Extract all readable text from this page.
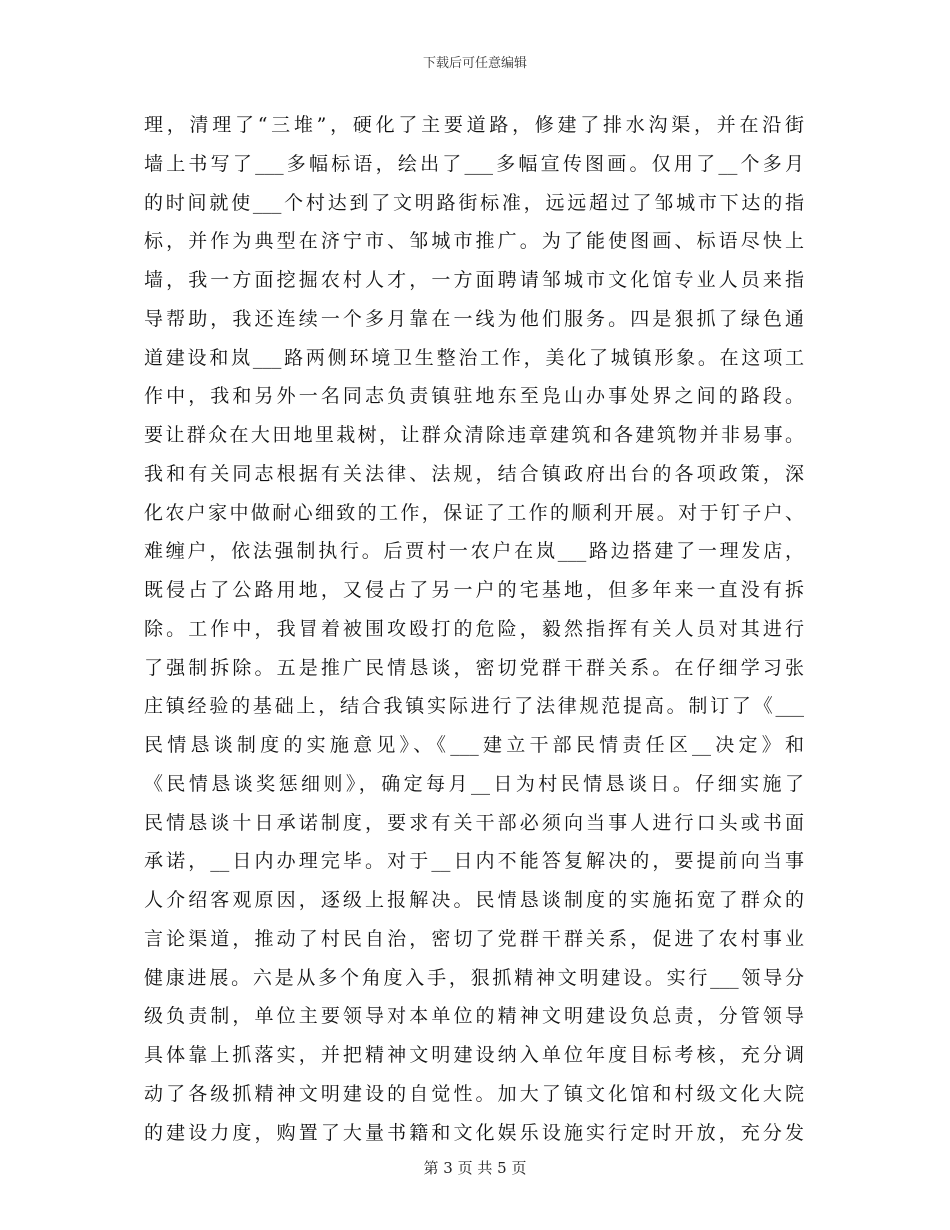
下载后可任意编辑
理，清理了“三堆”，硬化了主要道路，修建了排水沟渠，并在沿街
墙上书写了___多幅标语，绘出了___多幅宣传图画。仅用了__个多月
的时间就使___个村达到了文明路街标准，远远超过了邹城市下达的指
标，并作为典型在济宁市、邹城市推广。为了能使图画、标语尽快上
墙，我一方面挖掘农村人才，一方面聘请邹城市文化馆专业人员来指
导帮助，我还连续一个多月靠在一线为他们服务。四是狠抓了绿色通
道建设和岚___路两侧环境卫生整治工作，美化了城镇形象。在这项工
作中，我和另外一名同志负责镇驻地东至凫山办事处界之间的路段。
要让群众在大田地里栽树，让群众清除违章建筑和各建筑物并非易事。
我和有关同志根据有关法律、法规，结合镇政府出台的各项政策，深
化农户家中做耐心细致的工作，保证了工作的顺利开展。对于钉子户、
难缠户，依法强制执行。后贾村一农户在岚___路边搭建了一理发店，
既侵占了公路用地，又侵占了另一户的宅基地，但多年来一直没有拆
除。工作中，我冒着被围攻殴打的危险，毅然指挥有关人员对其进行
了强制拆除。五是推广民情恳谈，密切党群干群关系。在仔细学习张
庄镇经验的基础上，结合我镇实际进行了法律规范提高。制订了《___
民情恳谈制度的实施意见》、《___建立干部民情责任区__决定》和
《民情恳谈奖惩细则》，确定每月__日为村民情恳谈日。仔细实施了
民情恳谈十日承诺制度，要求有关干部必须向当事人进行口头或书面
承诺，__日内办理完毕。对于__日内不能答复解决的，要提前向当事
人介绍客观原因，逐级上报解决。民情恳谈制度的实施拓宽了群众的
言论渠道，推动了村民自治，密切了党群干群关系，促进了农村事业
健康进展。六是从多个角度入手，狠抓精神文明建设。实行___领导分
级负责制，单位主要领导对本单位的精神文明建设负总责，分管领导
具体靠上抓落实，并把精神文明建设纳入单位年度目标考核，充分调
动了各级抓精神文明建设的自觉性。加大了镇文化馆和村级文化大院
的建设力度，购置了大量书籍和文化娱乐设施实行定时开放，充分发
第 3 页 共 5 页
